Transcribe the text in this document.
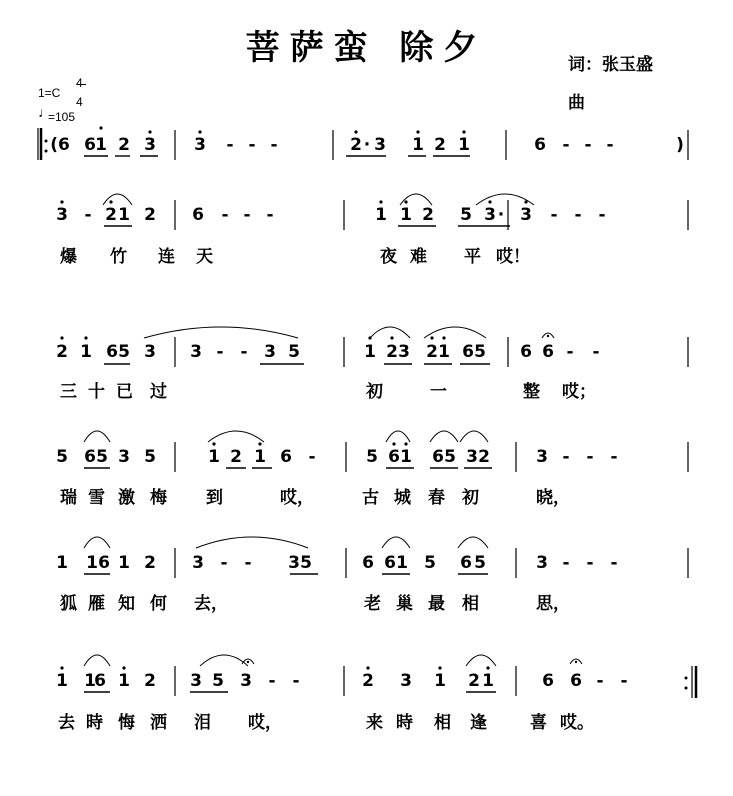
菩萨蛮 除夕	词：张玉盛
曲
1=C
4
4
♩
=105
(6 6 1 2 3 3 - - -	2 · 3 1 2 1	6 - - -	)
3 - 2 1 2 6 - - -	1 1 2 5 3 · 3 - - -
爆 竹 连 天	夜 难 平 哎！
2 1 6 5 3 3 - - 3 5	1 2 3 2 1 6 5 6 6 - -
三 十 已 过	初	一	整 哎；
5 6 5 3 5	1 2 1 6 -	5 6 1 6 5 3 2	3 - - -
瑞 雪 激 梅 到	哎，	古 城 春 初	晓，
1 1 6 1 2 3 - - 3 5	6 6 1 5 6 5	3 - - -
狐 雁 知 何 去，	老 巢 最 相	思，
1 1
6 1 2 3 5 3 - -	2 3 1 2 1	6 6 - -
去 時 悔 洒 泪 哎，	来 時 相 逢	喜 哎。
